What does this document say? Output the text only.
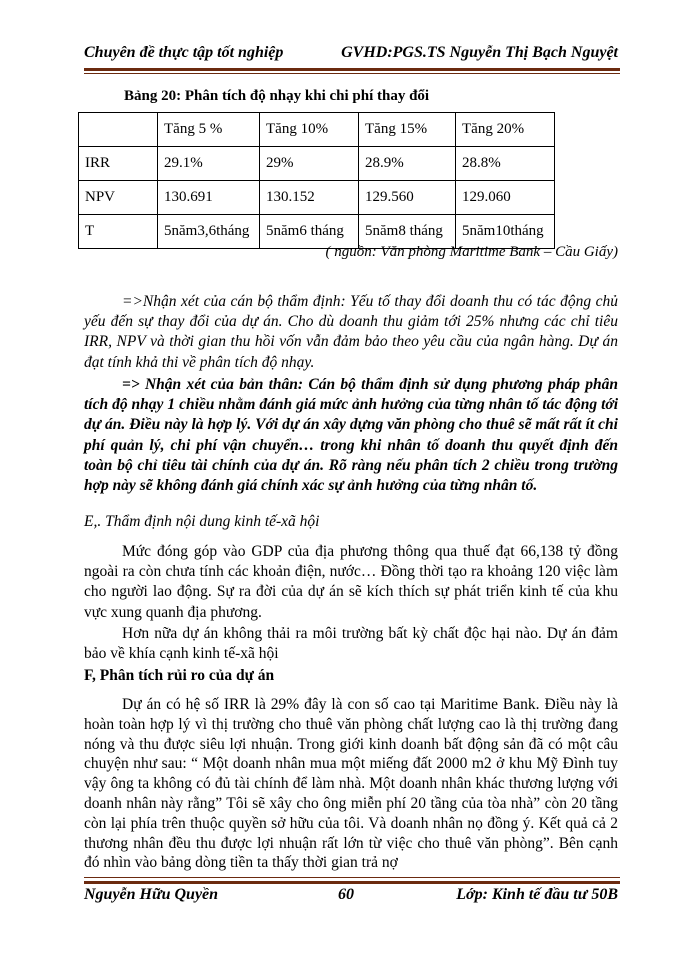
Chuyên đề thực tập tốt nghiệp	GVHD:PGS.TS Nguyễn Thị Bạch Nguyệt
Bảng 20: Phân tích độ nhạy khi chi phí thay đổi
	Tăng 5 %	Tăng 10%	Tăng 15%	Tăng 20%
IRR	29.1%	29%	28.9%	28.8%
NPV	130.691	130.152	129.560	129.060
T	5năm3,6tháng	5năm6 tháng	5năm8 tháng	5năm10tháng
( nguồn: Văn phòng Maritime Bank – Cầu Giấy)
=>Nhận xét của cán bộ thẩm định: Yếu tố thay đổi doanh thu có tác động chủ yếu đến sự thay đổi của dự án. Cho dù doanh thu giảm tới 25% nhưng các chỉ tiêu IRR, NPV và thời gian thu hồi vốn vẫn đảm bảo theo yêu cầu của ngân hàng. Dự án đạt tính khả thi về phân tích độ nhạy.
=> Nhận xét của bản thân: Cán bộ thẩm định sử dụng phương pháp phân tích độ nhạy 1 chiều nhằm đánh giá mức ảnh hưởng của từng nhân tố tác động tới dự án. Điều này là hợp lý. Với dự án xây dựng văn phòng cho thuê sẽ mất rất ít chi phí quản lý, chi phí vận chuyển… trong khi nhân tố doanh thu quyết định đến toàn bộ chỉ tiêu tài chính của dự án. Rõ ràng nếu phân tích 2 chiều trong trường hợp này sẽ không đánh giá chính xác sự ảnh hưởng của từng nhân tố.
E,. Thẩm định nội dung kinh tế-xã hội
Mức đóng góp vào GDP của địa phương thông qua thuế đạt 66,138 tỷ đồng ngoài ra còn chưa tính các khoản điện, nước… Đồng thời tạo ra khoảng 120 việc làm cho người lao động. Sự ra đời của dự án sẽ kích thích sự phát triển kinh tế của khu vực xung quanh địa phương.
Hơn nữa dự án không thải ra môi trường bất kỳ chất độc hại nào. Dự án đảm bảo về khía cạnh kinh tế-xã hội
F, Phân tích rủi ro của dự án
Dự án có hệ số IRR là 29% đây là con số cao tại Maritime Bank. Điều này là hoàn toàn hợp lý vì thị trường cho thuê văn phòng chất lượng cao là thị trường đang nóng và thu được siêu lợi nhuận. Trong giới kinh doanh bất động sản đã có một câu chuyện như sau: “ Một doanh nhân mua một miếng đất 2000 m2 ở khu Mỹ Đình tuy vậy ông ta không có đủ tài chính để làm nhà. Một doanh nhân khác thương lượng với doanh nhân này rằng” Tôi sẽ xây cho ông miễn phí 20 tầng của tòa nhà” còn 20 tầng còn lại phía trên thuộc quyền sở hữu của tôi. Và doanh nhân nọ đồng ý. Kết quả cả 2 thương nhân đều thu được lợi nhuận rất lớn từ việc cho thuê văn phòng”. Bên cạnh đó nhìn vào bảng dòng tiền ta thấy thời gian trả nợ
Nguyễn Hữu Quyền	60	Lớp: Kinh tế đầu tư 50B
